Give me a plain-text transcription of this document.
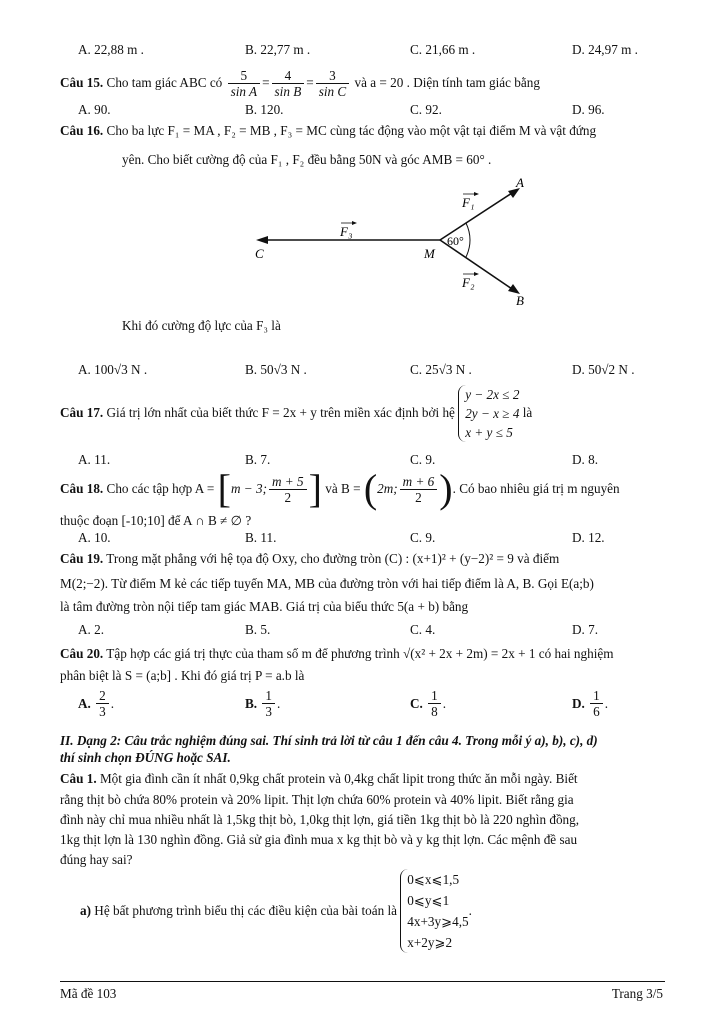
A. 22,88 m .	B. 22,77 m .	C. 21,66 m .	D. 24,97 m .
Câu 15.
Cho tam giác ABC có
$\frac{5}{\text{sin A}} = \frac{4}{\text{sin B}} = \frac{3}{\text{sin C}}$
và a = 20 . Diện tính tam giác bằng
A. 90.	B. 120.	C. 92.	D. 96.
Câu 16. Cho ba lực F₁ = MA , F₂ = MB , F₃ = MC cùng tác động vào một vật tại điểm M và vật đứng
yên. Cho biết cường độ của F₁ , F₂ đều bằng 50N và góc AMB = 60° .
A
B
C	M
60°
F₁
F₃
F₂
Khi đó cường độ lực của F₃ là
A. 100√3 N .	B. 50√3 N .	C. 25√3 N .	D. 50√2 N .
Câu 17.
Giá trị lớn nhất của biết thức F = 2x + y trên miền xác định bởi hệ

y − 2x ≤ 2
2y − x ≥ 4
x + y ≤ 5

là
A. 11.	B. 7.	C. 9.	D. 8.
Câu 18.
Cho các tập hợp A =
[ m − 3; $\frac{m + 5}{2}$ ]
và B =
( 2m; $\frac{m + 6}{2}$ ) . Có bao nhiêu giá trị m nguyên
thuộc đoạn [-10;10] để A ∩ B ≠ ∅ ?
A. 10.	B. 11.	C. 9.	D. 12.
Câu 19. Trong mặt phẳng với hệ tọa độ Oxy, cho đường tròn (C) : (x+1)² + (y−2)² = 9 và điểm
M(2;−2). Từ điểm M kẻ các tiếp tuyến MA, MB của đường tròn với hai tiếp điểm là A, B. Gọi E(a;b)
là tâm đường tròn nội tiếp tam giác MAB. Giá trị của biểu thức 5(a + b) bằng
A. 2.	B. 5.	C. 4.	D. 7.
Câu 20. Tập hợp các giá trị thực của tham số m để phương trình √(x² + 2x + 2m) = 2x + 1 có hai nghiệm
phân biệt là S = (a;b] . Khi đó giá trị P = a.b là
A.
$\frac{2}{3}$ .	B.
$\frac{1}{3}$ .	C.
$\frac{1}{8}$ .	D.
$\frac{1}{6}$ .
II. Dạng 2: Câu trắc nghiệm đúng sai. Thí sinh trả lời từ câu 1 đến câu 4. Trong mỗi ý a), b), c), d)
thí sinh chọn ĐÚNG hoặc SAI.
Câu 1. Một gia đình cần ít nhất 0,9kg chất protein và 0,4kg chất lipit trong thức ăn mỗi ngày. Biết
rằng thịt bò chứa 80% protein và 20% lipit. Thịt lợn chứa 60% protein và 40% lipit. Biết rằng gia
đình này chỉ mua nhiều nhất là 1,5kg thịt bò, 1,0kg thịt lợn, giá tiền 1kg thịt bò là 220 nghìn đồng,
1kg thịt lợn là 130 nghìn đồng. Giả sử gia đình mua x kg thịt bò và y kg thịt lợn. Các mệnh đề sau
đúng hay sai?
a)
Hệ bất phương trình biểu thị các điều kiện của bài toán là

0⩽x⩽1,5
0⩽y⩽1
4x+3y⩾4,5
x+2y⩾2
.
Mã đề 103	Trang 3/5
